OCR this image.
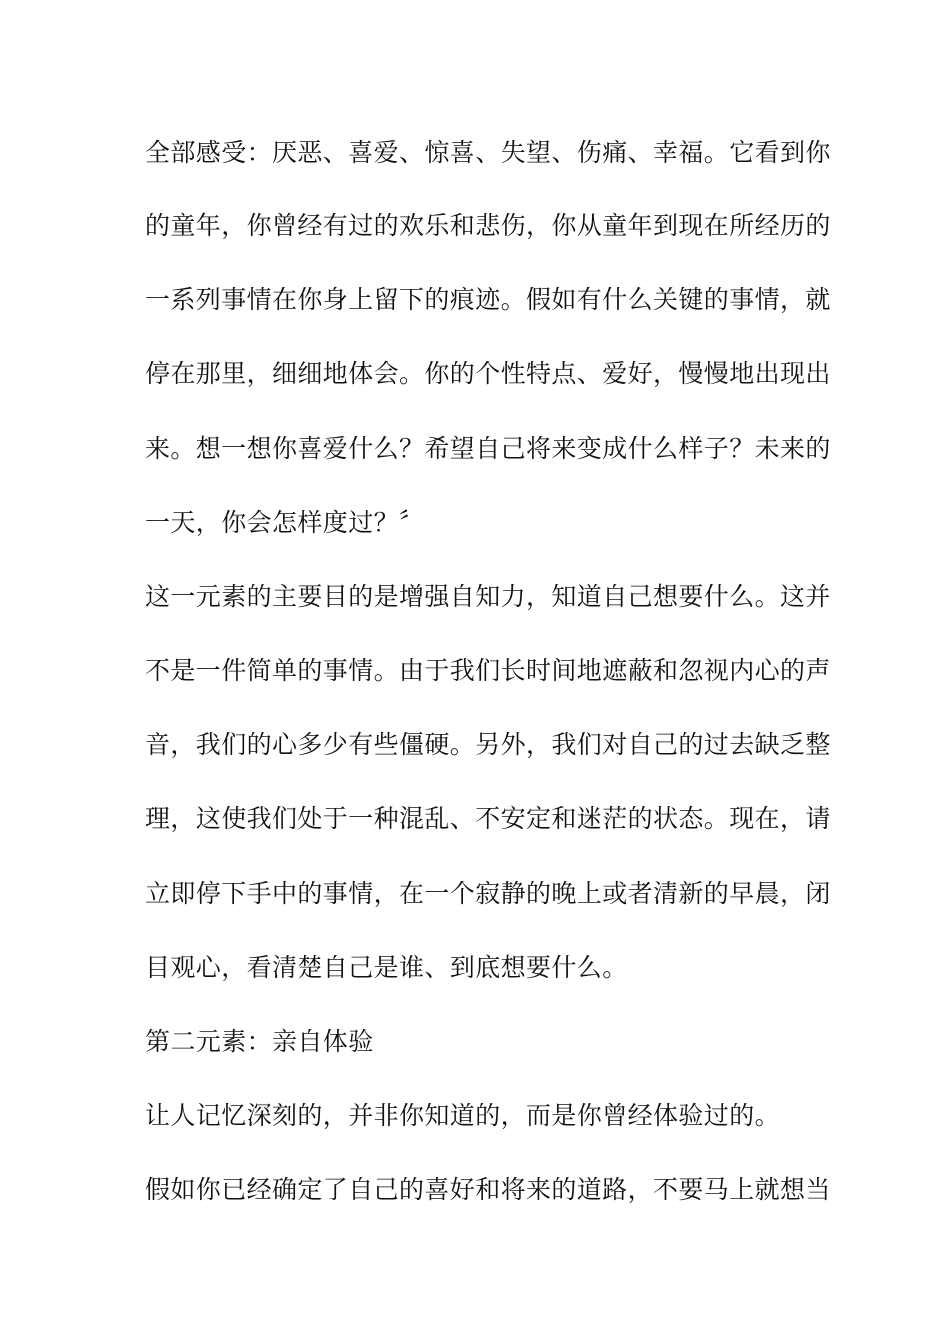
全部感受：厌恶、喜爱、惊喜、失望、伤痛、幸福。它看到你
的童年，你曾经有过的欢乐和悲伤，你从童年到现在所经历的
一系列事情在你身上留下的痕迹。假如有什么关键的事情，就
停在那里，细细地体会。你的个性特点、爱好，慢慢地出现出
来。想一想你喜爱什么？希望自己将来变成什么样子？未来的
一天，你会怎样度过？〞
这一元素的主要目的是增强自知力，知道自己想要什么。这并
不是一件简单的事情。由于我们长时间地遮蔽和忽视内心的声
音，我们的心多少有些僵硬。另外，我们对自己的过去缺乏整
理，这使我们处于一种混乱、不安定和迷茫的状态。现在，请
立即停下手中的事情，在一个寂静的晚上或者清新的早晨，闭
目观心，看清楚自己是谁、到底想要什么。
第二元素：亲自体验
让人记忆深刻的，并非你知道的，而是你曾经体验过的。
假如你已经确定了自己的喜好和将来的道路，不要马上就想当
